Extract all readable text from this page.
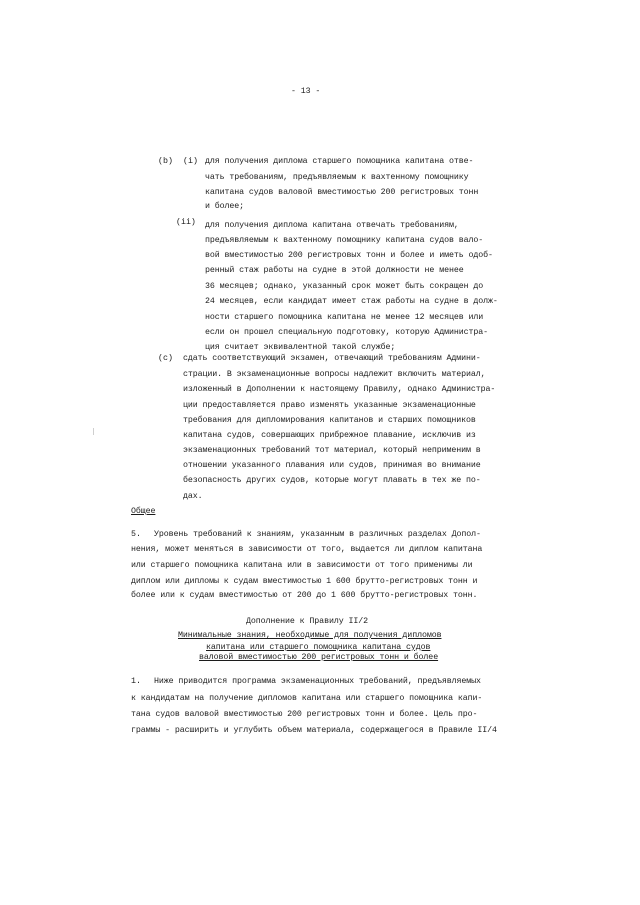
- 13 -
(b) (i) для получения диплома старшего помощника капитана отве-
чать требованиям, предъявляемым к вахтенному помощнику
капитана судов валовой вместимостью 200 регистровых тонн
и более;
(ii) для получения диплома капитана отвечать требованиям,
предъявляемым к вахтенному помощнику капитана судов вало-
вой вместимостью 200 регистровых тонн и более и иметь одоб-
ренный стаж работы на судне в этой должности не менее
36 месяцев; однако, указанный срок может быть сокращен до
24 месяцев, если кандидат имеет стаж работы на судне в долж-
ности старшего помощника капитана не менее 12 месяцев или
если он прошел специальную подготовку, которую Администра-
ция считает эквивалентной такой службе;
(c) сдать соответствующий экзамен, отвечающий требованиям Админи-
страции. В экзаменационные вопросы надлежит включить материал,
изложенный в Дополнении к настоящему Правилу, однако Администра-
ции предоставляется право изменять указанные экзаменационные
требования для дипломирования капитанов и старших помощников
капитана судов, совершающих прибрежное плавание, исключив из
экзаменационных требований тот материал, который неприменим в
отношении указанного плавания или судов, принимая во внимание
безопасность других судов, которые могут плавать в тех же по-
дах.
Общее
5. Уровень требований к знаниям, указанным в различных разделах Допол-
нения, может меняться в зависимости от того, выдается ли диплом капитана
или старшего помощника капитана или в зависимости от того применимы ли
диплом или дипломы к судам вместимостью 1 600 брутто-регистровых тонн и
более или к судам вместимостью от 200 до 1 600 брутто-регистровых тонн.
Дополнение к Правилу II/2
Минимальные знания, необходимые для получения дипломов
капитана или старшего помощника капитана судов
валовой вместимостью 200 регистровых тонн и более
1. Ниже приводится программа экзаменационных требований, предъявляемых
к кандидатам на получение дипломов капитана или старшего помощника капи-
тана судов валовой вместимостью 200 регистровых тонн и более. Цель про-
граммы - расширить и углубить объем материала, содержащегося в Правиле II/4
